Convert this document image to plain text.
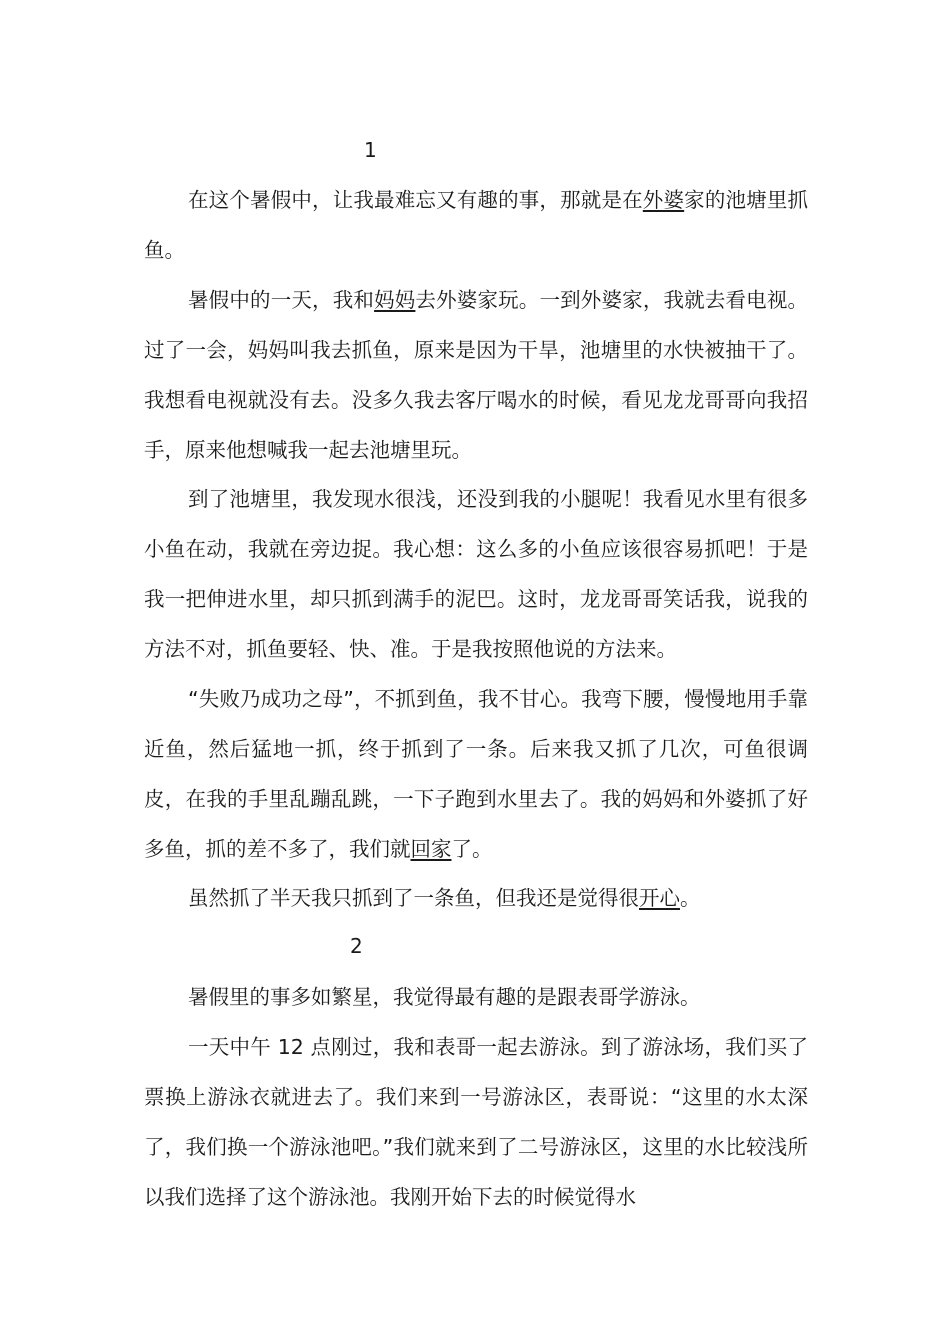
1

在这个暑假中，让我最难忘又有趣的事，那就是在外婆家的池塘里抓鱼。

暑假中的一天，我和妈妈去外婆家玩。一到外婆家，我就去看电视。过了一会，妈妈叫我去抓鱼，原来是因为干旱，池塘里的水快被抽干了。我想看电视就没有去。没多久我去客厅喝水的时候，看见龙龙哥哥向我招手，原来他想喊我一起去池塘里玩。

到了池塘里，我发现水很浅，还没到我的小腿呢！我看见水里有很多小鱼在动，我就在旁边捉。我心想：这么多的小鱼应该很容易抓吧！于是我一把伸进水里，却只抓到满手的泥巴。这时，龙龙哥哥笑话我，说我的方法不对，抓鱼要轻、快、准。于是我按照他说的方法来。

“失败乃成功之母”，不抓到鱼，我不甘心。我弯下腰，慢慢地用手靠近鱼，然后猛地一抓，终于抓到了一条。后来我又抓了几次，可鱼很调皮，在我的手里乱蹦乱跳，一下子跑到水里去了。我的妈妈和外婆抓了好多鱼，抓的差不多了，我们就回家了。

虽然抓了半天我只抓到了一条鱼，但我还是觉得很开心。

2

暑假里的事多如繁星，我觉得最有趣的是跟表哥学游泳。

一天中午 12 点刚过，我和表哥一起去游泳。到了游泳场，我们买了票换上游泳衣就进去了。我们来到一号游泳区，表哥说：“这里的水太深了，我们换一个游泳池吧。”我们就来到了二号游泳区，这里的水比较浅所以我们选择了这个游泳池。我刚开始下去的时候觉得水
